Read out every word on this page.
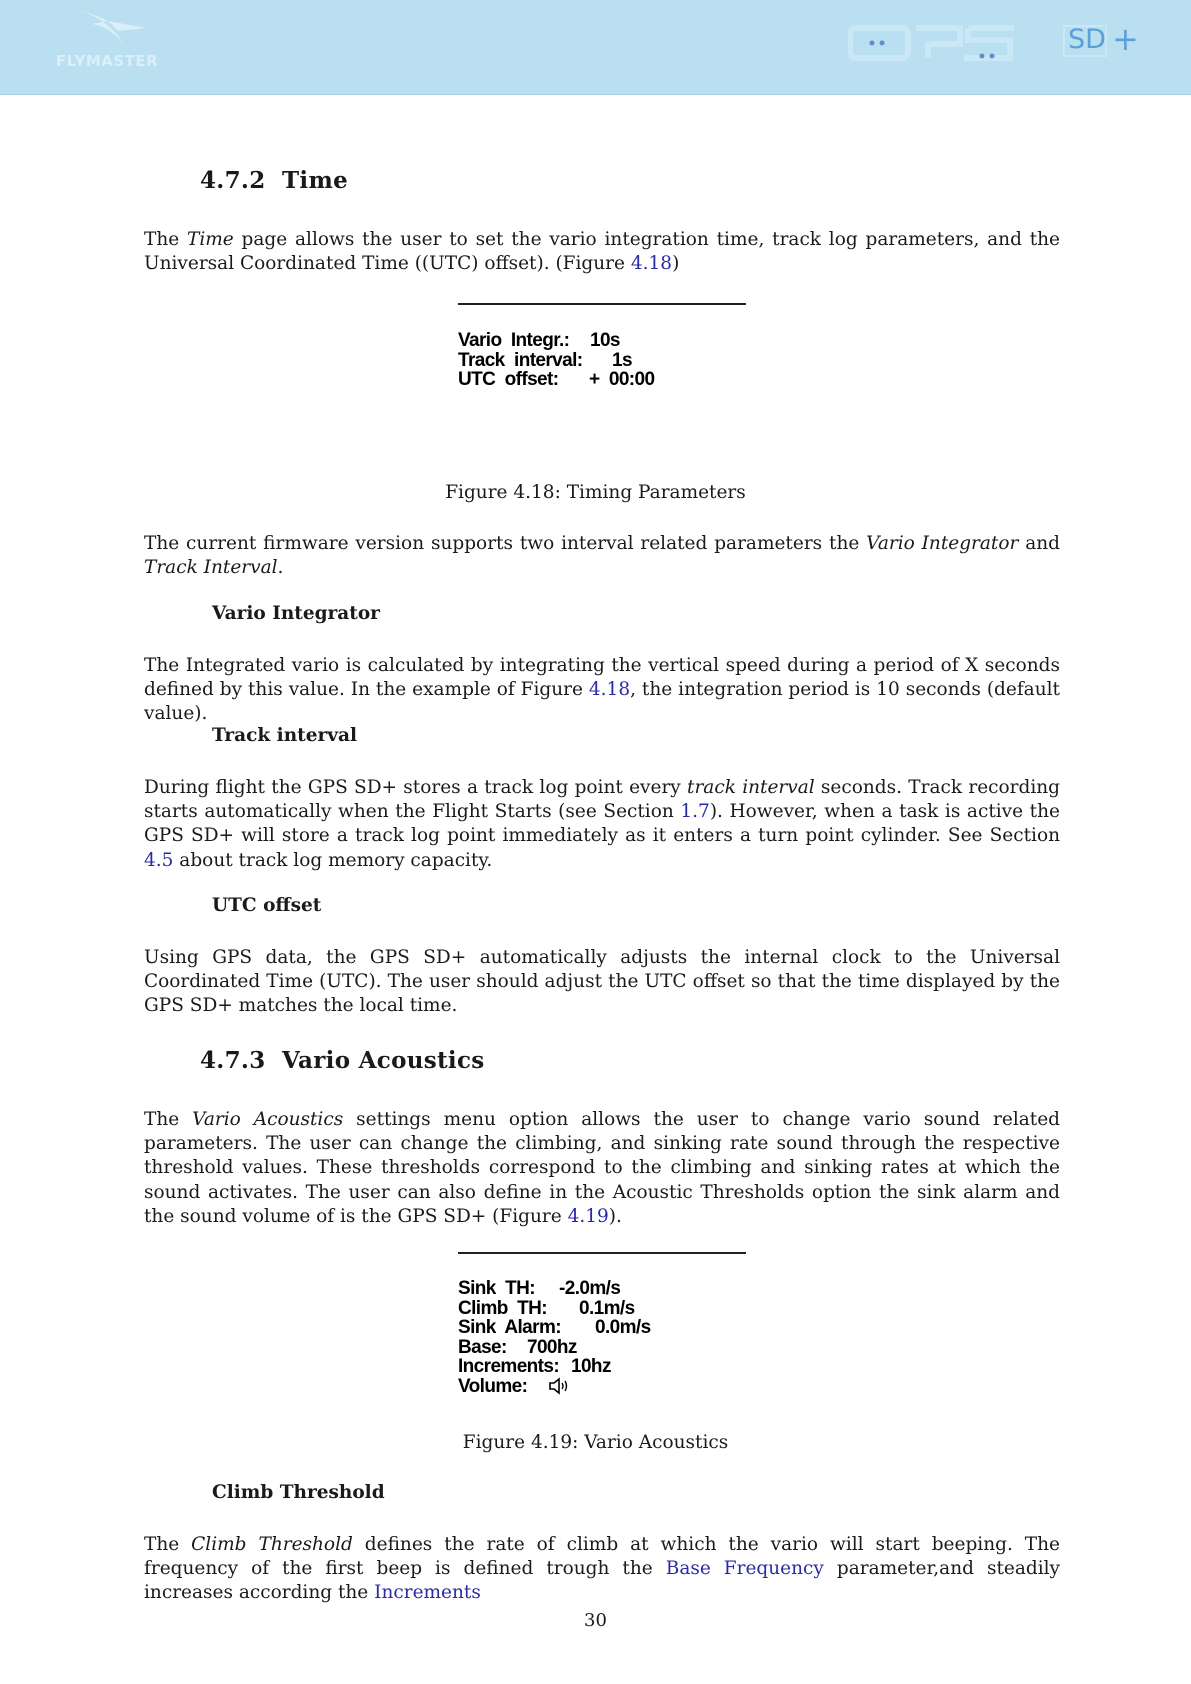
FLYMASTER
SD +
4.7.2 Time
The Time page allows the user to set the vario integration time, track log parameters, and the Universal Coordinated Time ((UTC) offset). (Figure 4.18)
Vario  Integr.:	10s
Track  interval:	1s
UTC  offset:	+  00:00
Figure 4.18: Timing Parameters
The current firmware version supports two interval related parameters the Vario Integrator and Track Interval.
Vario Integrator
The Integrated vario is calculated by integrating the vertical speed during a period of X seconds defined by this value. In the example of Figure 4.18, the integration period is 10 seconds (default value).
Track interval
During flight the GPS SD+ stores a track log point every track interval seconds. Track recording starts automatically when the Flight Starts (see Section 1.7). However, when a task is active the GPS SD+ will store a track log point immediately as it enters a turn point cylinder. See Section 4.5 about track log memory capacity.
UTC offset
Using GPS data, the GPS SD+ automatically adjusts the internal clock to the Universal Coordinated Time (UTC). The user should adjust the UTC offset so that the time displayed by the GPS SD+ matches the local time.
4.7.3 Vario Acoustics
The Vario Acoustics settings menu option allows the user to change vario sound related parameters. The user can change the climbing, and sinking rate sound through the respective threshold values. These thresholds correspond to the climbing and sinking rates at which the sound activates. The user can also define in the Acoustic Thresholds option the sink alarm and the sound volume of is the GPS SD+ (Figure 4.19).
Sink  TH:	-2.0m/s
Climb  TH:	0.1m/s
Sink  Alarm:	0.0m/s
Base:	700hz
Increments: 10hz
Volume:
Figure 4.19: Vario Acoustics
Climb Threshold
The Climb Threshold defines the rate of climb at which the vario will start beeping. The frequency of the first beep is defined trough the Base Frequency parameter,and steadily increases according the Increments
30
